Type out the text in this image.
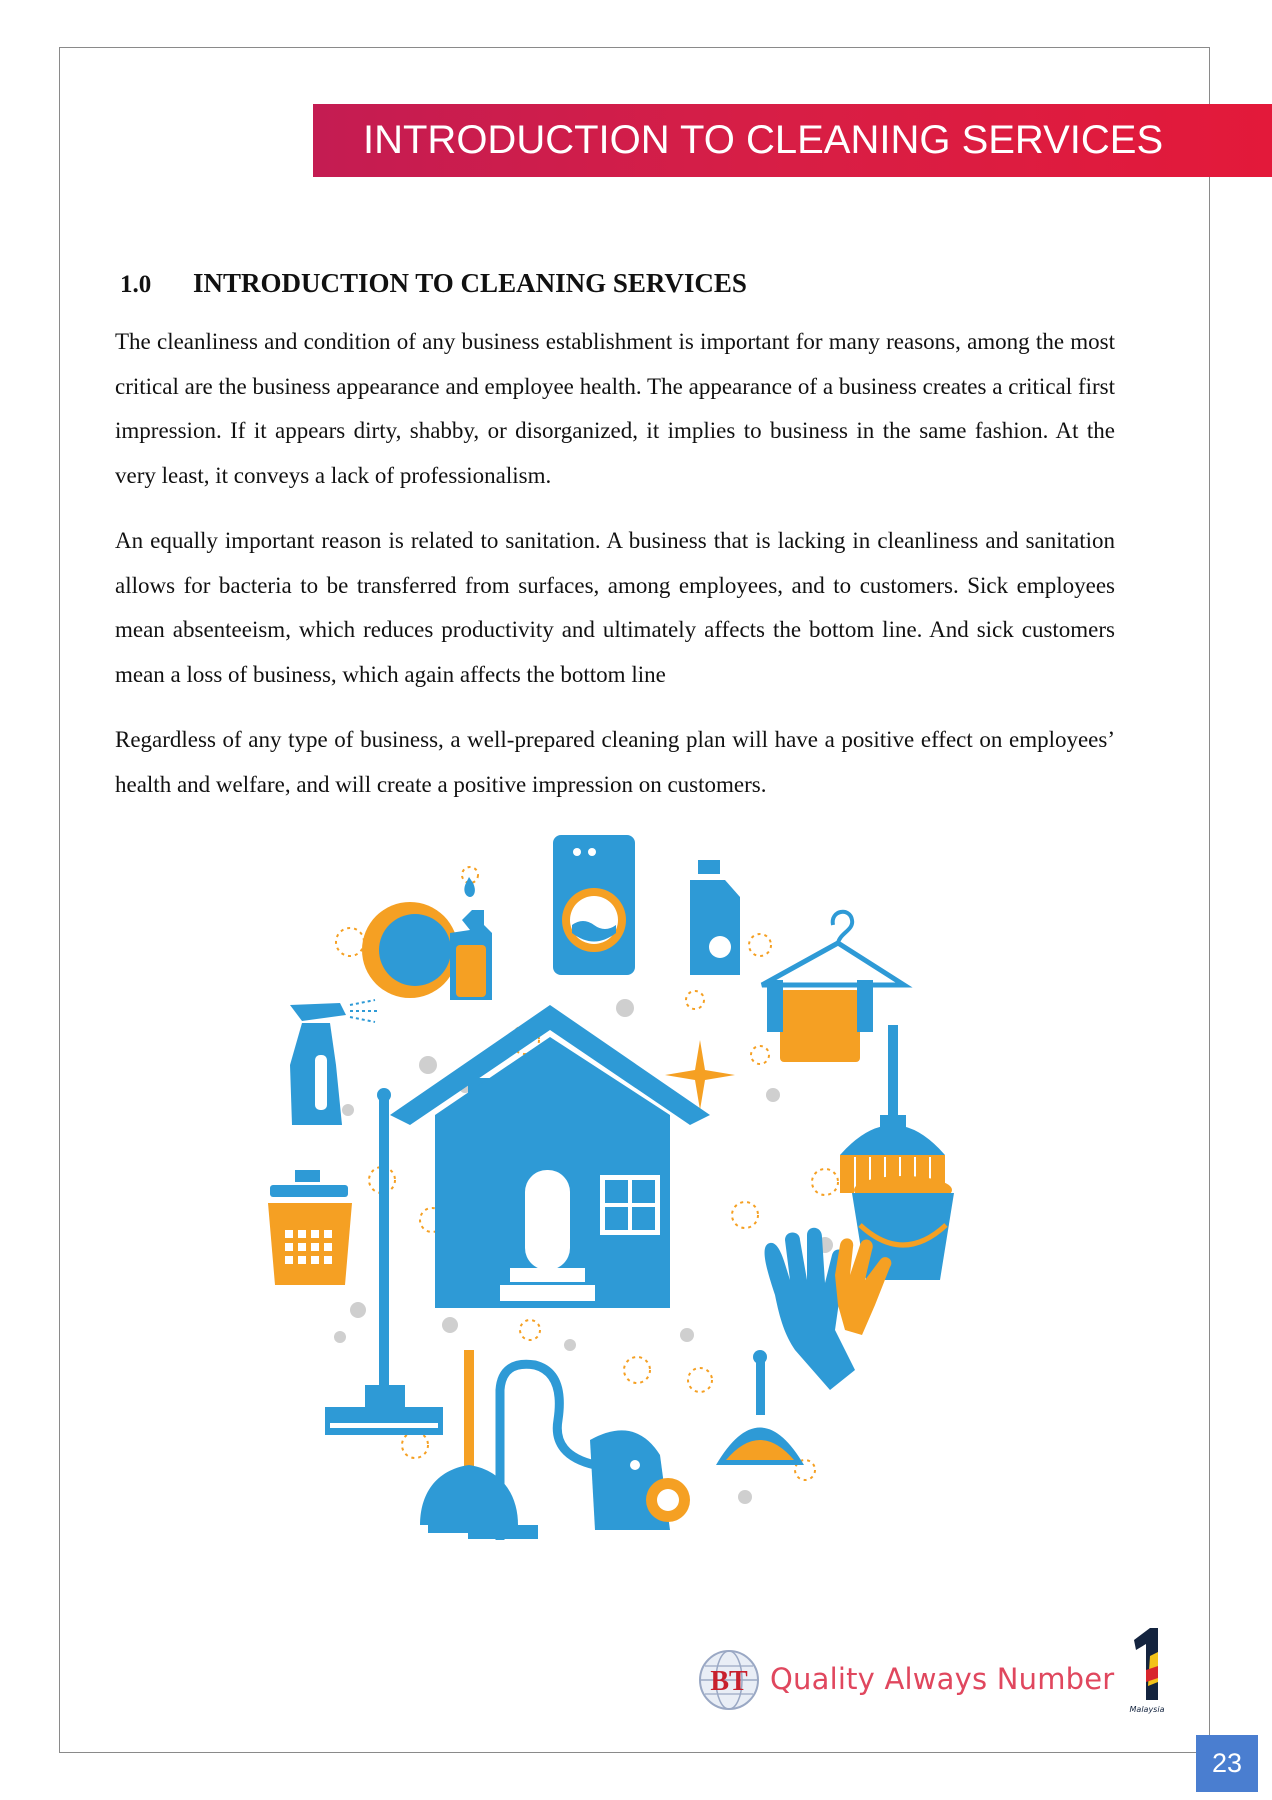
INTRODUCTION TO CLEANING SERVICES
1.0 INTRODUCTION TO CLEANING SERVICES

The cleanliness and condition of any business establishment is important for many reasons, among the most critical are the business appearance and employee health. The appearance of a business creates a critical first impression. If it appears dirty, shabby, or disorganized, it implies to business in the same fashion. At the very least, it conveys a lack of professionalism.

An equally important reason is related to sanitation. A business that is lacking in cleanliness and sanitation allows for bacteria to be transferred from surfaces, among employees, and to customers. Sick employees mean absenteeism, which reduces productivity and ultimately affects the bottom line. And sick customers mean a loss of business, which again affects the bottom line

Regardless of any type of business, a well-prepared cleaning plan will have a positive effect on employees’ health and welfare, and will create a positive impression on customers.

BT Quality Always Number
Malaysia
23
